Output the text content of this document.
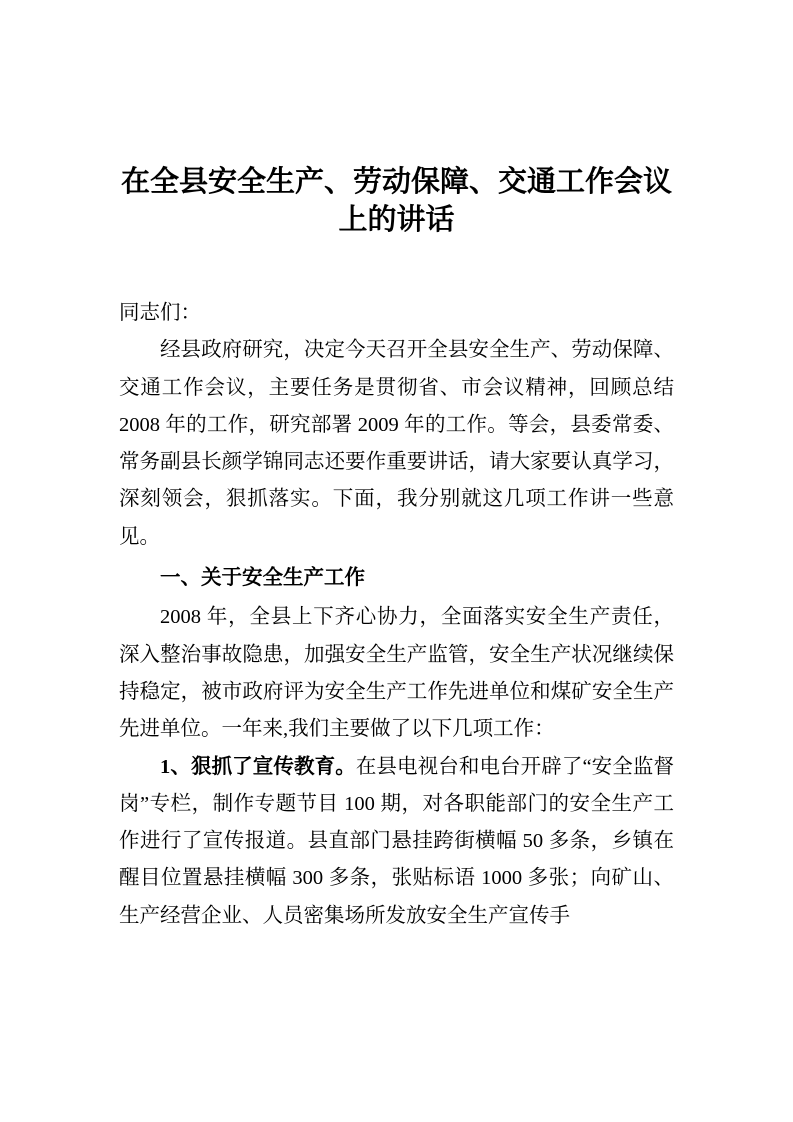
在全县安全生产、劳动保障、交通工作会议上的讲话

同志们：

经县政府研究，决定今天召开全县安全生产、劳动保障、交通工作会议，主要任务是贯彻省、市会议精神，回顾总结 2008 年的工作，研究部署 2009 年的工作。等会，县委常委、常务副县长颜学锦同志还要作重要讲话，请大家要认真学习，深刻领会，狠抓落实。下面，我分别就这几项工作讲一些意见。

一、关于安全生产工作

2008 年，全县上下齐心协力，全面落实安全生产责任，深入整治事故隐患，加强安全生产监管，安全生产状况继续保持稳定，被市政府评为安全生产工作先进单位和煤矿安全生产先进单位。一年来,我们主要做了以下几项工作：

1、狠抓了宣传教育。在县电视台和电台开辟了“安全监督岗”专栏，制作专题节目 100 期，对各职能部门的安全生产工作进行了宣传报道。县直部门悬挂跨街横幅 50 多条，乡镇在醒目位置悬挂横幅 300 多条，张贴标语 1000 多张；向矿山、生产经营企业、人员密集场所发放安全生产宣传手
